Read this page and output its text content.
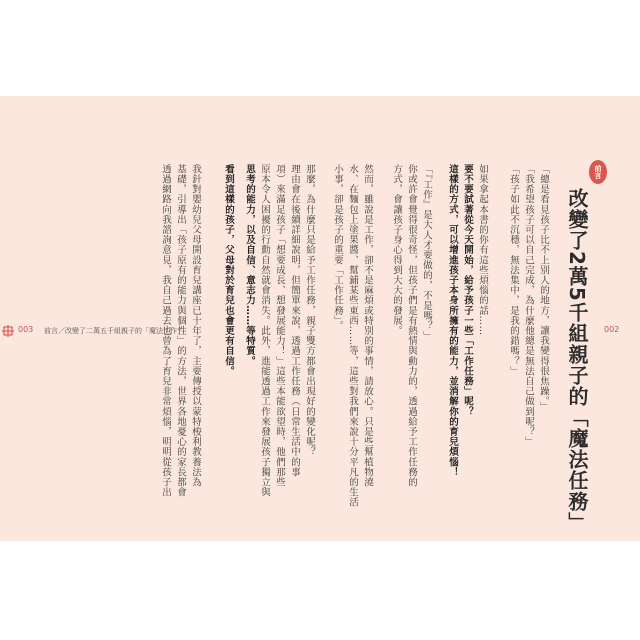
「總是看見孩子比不上別人的地方，讓我變得很焦躁。」
「我希望孩子可以自己完成，為什麼他總是無法自己做到呢？」
「孩子如此不沉穩，無法集中，是我的錯嗎？」
如果拿起本書的你有這些煩惱的話……
要不要試著從今天開始，給予孩子一些「工作任務」呢？
這樣的方式，可以增進孩子本身所擁有的能力，並消解你的育兒煩惱！
「『工作』是大人才要做的，不是嗎？」
你或許會覺得很奇怪，但孩子們是有熱情與動力的，透過給予工作任務的
方式，會讓孩子身心得到大大的發展。
然而，雖說是工作，卻不是麻煩或特別的事情，請放心。只是些幫植物澆
水、在麵包上塗果醬、幫鋪某些東西……等，這些對我們來說十分平凡的生活
小事，卻是孩子的重要「工作任務」。
那麼，為什麼只是給予工作任務，親子雙方都會出現好的變化呢？
理由會在後續詳細說明，但簡單來說，透過工作任務（日常生活中的事
項）來滿足孩子「想要成長、想發展能力！」這些本能欲望時，他們那些
原本令人困擾的行動自然就會消失。此外，進能透過工作來發展孩子獨立與
思考的能力，以及自信、意志力……等特質。
看到這樣的孩子，父母對於育兒也會更有自信。
我針對嬰幼兒父母開設育兒講座已十年了，主要傳授以蒙特梭利教養法為
基礎，引導出「孩子原有的能力與個性」的方法，世界各地憂心的家長都會
透過網路向我諮詢意見，我自己過去也曾為了育兒非常煩惱，明明從孩子出	前言
改變了2萬5千組親子的「魔法任務」
003 前言／改變了二萬五千組親子的「魔法工作」	002
